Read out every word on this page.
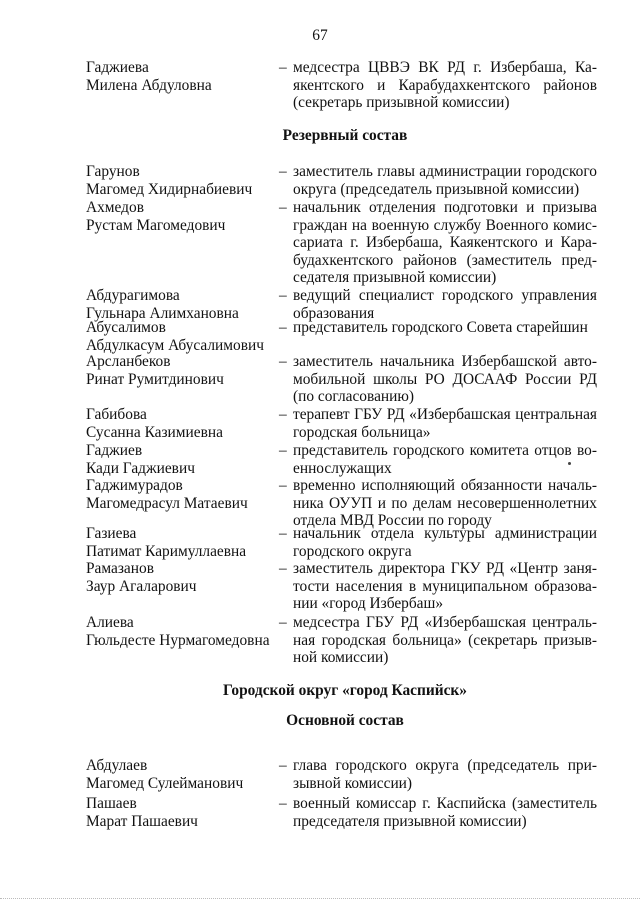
67
Гаджиева
Милена Абдуловна
– медсестра ЦВВЭ ВК РД г. Избербаша, Ка-
якентского и Карабудахкентского районов
(секретарь призывной комиссии)
Резервный состав
Гарунов
Магомед Хидирнабиевич
– заместитель главы администрации городского
округа (председатель призывной комиссии)
Ахмедов
Рустам Магомедович
– начальник отделения подготовки и призыва
граждан на военную службу Военного комис-
сариата г. Избербаша, Каякентского и Кара-
будахкентского районов (заместитель пред-
седателя призывной комиссии)
Абдурагимова
Гульнара Алимхановна
– ведущий специалист городского управления
образования
Абусалимов
Абдулкасум Абусалимович
– представитель городского Совета старейшин
Арсланбеков
Ринат Румитдинович
– заместитель начальника Избербашской авто-
мобильной школы РО ДОСААФ России РД
(по согласованию)
Габибова
Сусанна Казимиевна
– терапевт ГБУ РД «Избербашская центральная
городская больница»
Гаджиев
Кади Гаджиевич
– представитель городского комитета отцов во-
еннослужащих
Гаджимурадов
Магомедрасул Матаевич
– временно исполняющий обязанности началь-
ника ОУУП и по делам несовершеннолетних
отдела МВД России по городу
Газиева
Патимат Каримуллаевна
– начальник отдела культуры администрации
городского округа
Рамазанов
Заур Агаларович
– заместитель директора ГКУ РД «Центр заня-
тости населения в муниципальном образова-
нии «город Избербаш»
Алиева
Гюльдесте Нурмагомедовна
– медсестра ГБУ РД «Избербашская централь-
ная городская больница» (секретарь призыв-
ной комиссии)
Городской округ «город Каспийск»
Основной состав
Абдулаев
Магомед Сулейманович
– глава городского округа (председатель при-
зывной комиссии)
Пашаев
Марат Пашаевич
– военный комиссар г. Каспийска (заместитель
председателя призывной комиссии)
